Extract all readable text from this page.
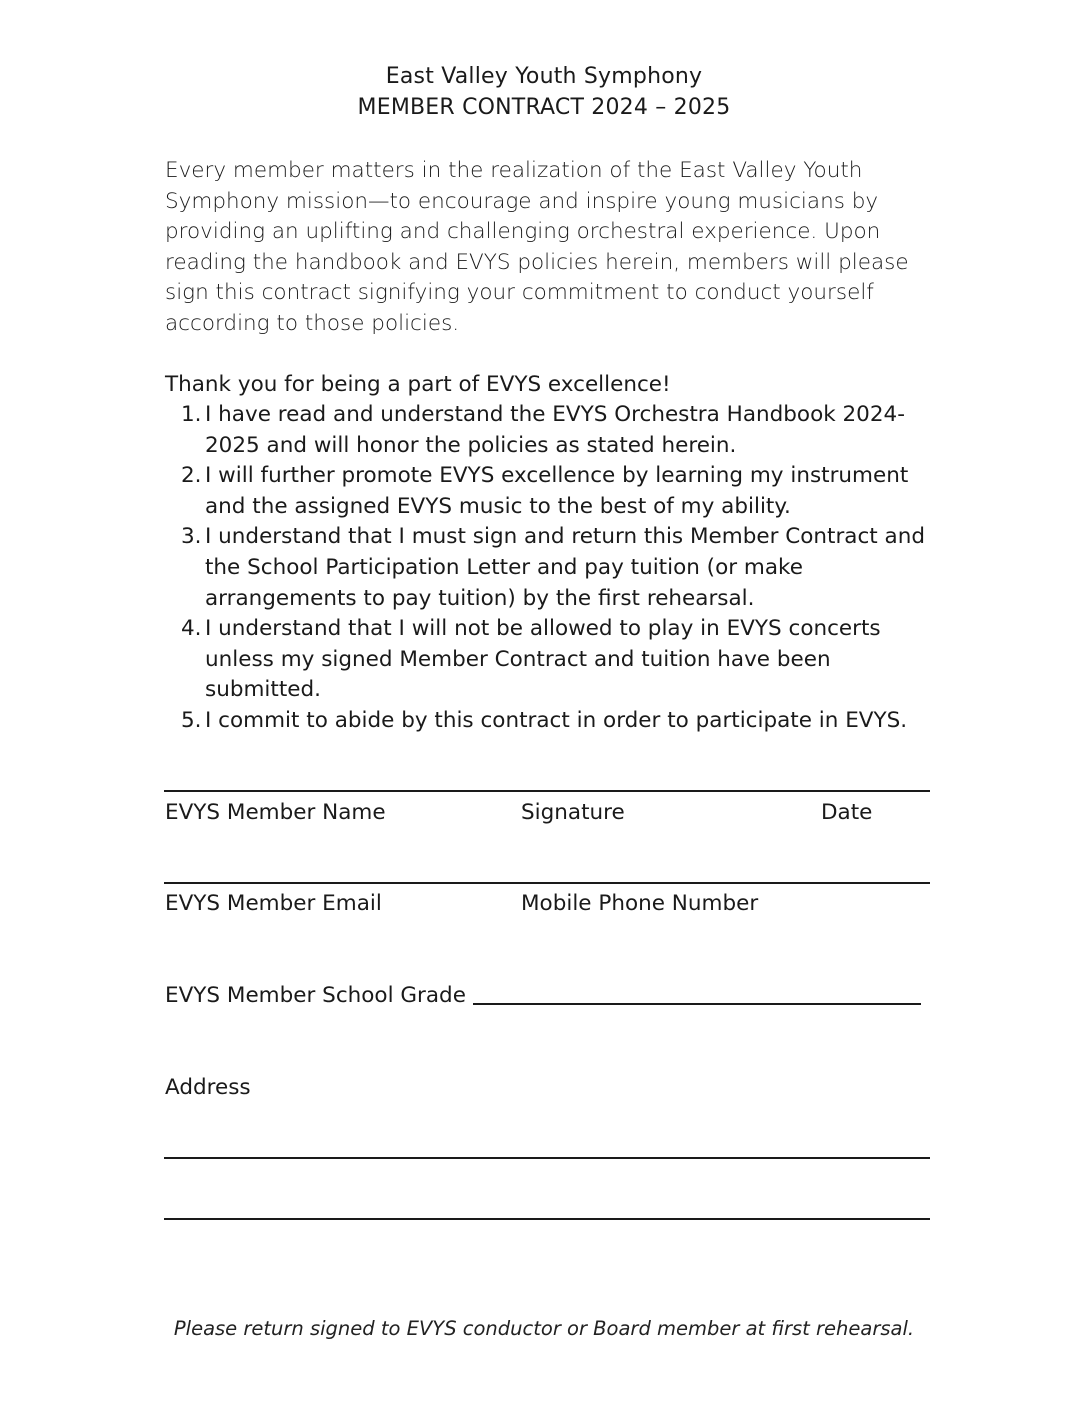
East Valley Youth Symphony
MEMBER CONTRACT 2024 – 2025
Every member matters in the realization of the East Valley Youth
Symphony mission—to encourage and inspire young musicians by
providing an uplifting and challenging orchestral experience. Upon
reading the handbook and EVYS policies herein, members will please
sign this contract signifying your commitment to conduct yourself
according to those policies.
Thank you for being a part of EVYS excellence!
1. I have read and understand the EVYS Orchestra Handbook 2024-
2025 and will honor the policies as stated herein.
2. I will further promote EVYS excellence by learning my instrument
and the assigned EVYS music to the best of my ability.
3. I understand that I must sign and return this Member Contract and
the School Participation Letter and pay tuition (or make
arrangements to pay tuition) by the first rehearsal.
4. I understand that I will not be allowed to play in EVYS concerts
unless my signed Member Contract and tuition have been
submitted.
5. I commit to abide by this contract in order to participate in EVYS.
EVYS Member Name	Signature	Date
EVYS Member Email	Mobile Phone Number
EVYS Member School Grade
Address
Please return signed to EVYS conductor or Board member at first rehearsal.
